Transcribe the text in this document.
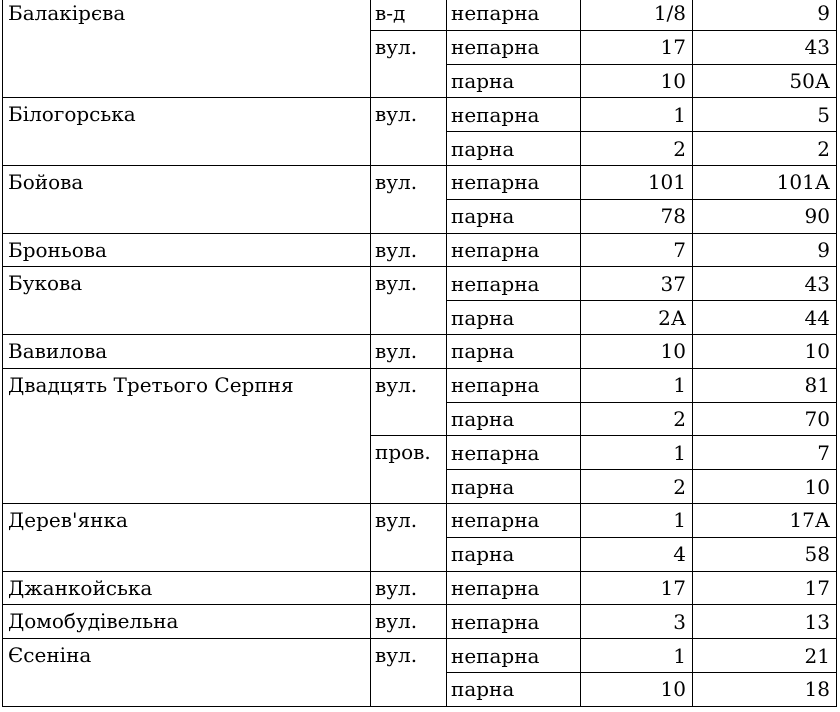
Балакірєва	в-д	непарна	1/8	9
	вул.	непарна	17	43
		парна	10	50А
Білогорська	вул.	непарна	1	5
		парна	2	2
Бойова	вул.	непарна	101	101А
		парна	78	90
Броньова	вул.	непарна	7	9
Букова	вул.	непарна	37	43
		парна	2А	44
Вавилова	вул.	парна	10	10
Двадцять Третього Серпня	вул.	непарна	1	81
		парна	2	70
	пров.	непарна	1	7
		парна	2	10
Дерев'янка	вул.	непарна	1	17А
		парна	4	58
Джанкойська	вул.	непарна	17	17
Домобудівельна	вул.	непарна	3	13
Єсеніна	вул.	непарна	1	21
		парна	10	18
